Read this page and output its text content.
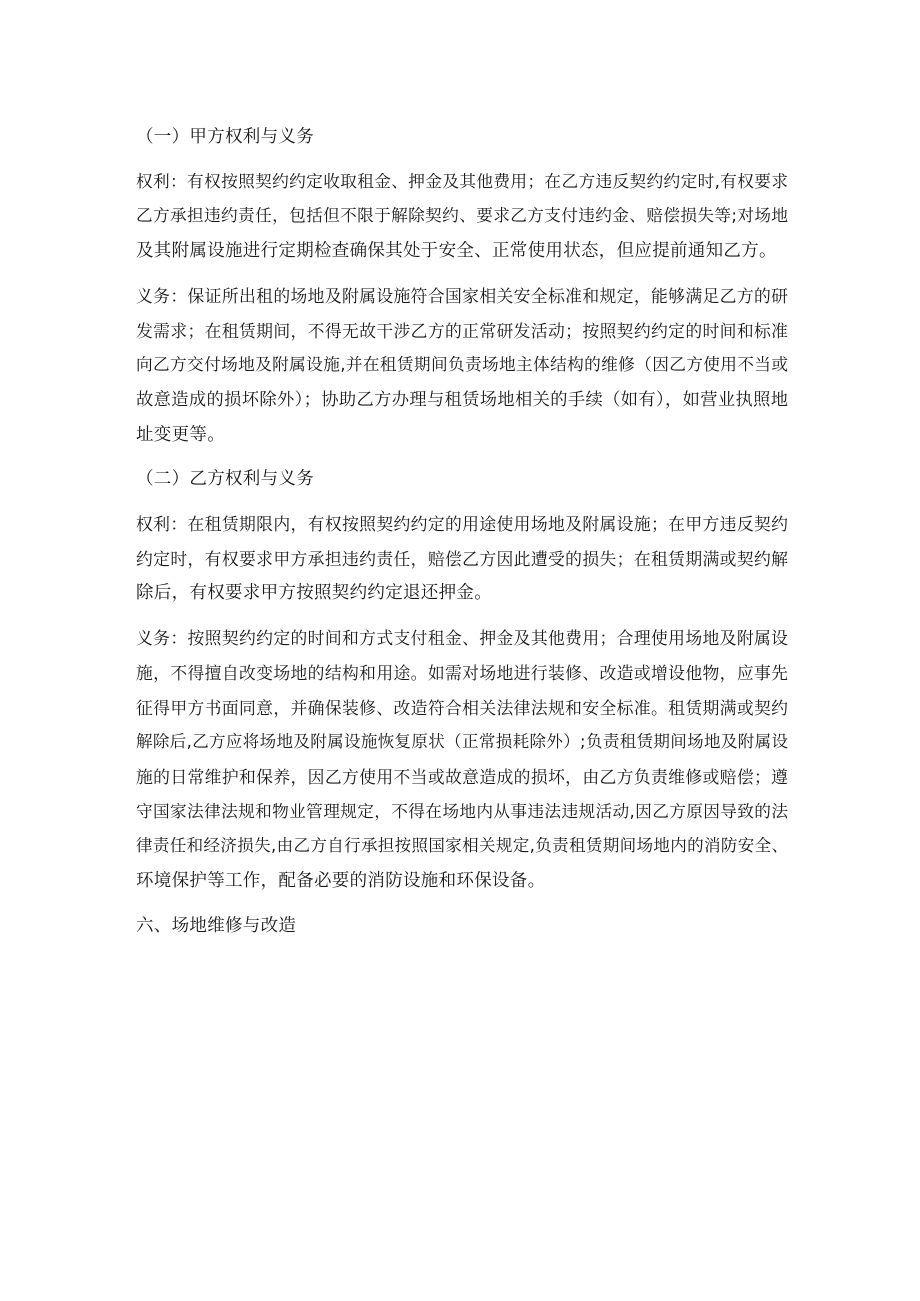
（一）甲方权利与义务
权利：有权按照契约约定收取租金、押金及其他费用；在乙方违反契约约定时,有权要求
乙方承担违约责任，包括但不限于解除契约、要求乙方支付违约金、赔偿损失等;对场地
及其附属设施进行定期检查确保其处于安全、正常使用状态，但应提前通知乙方。
义务：保证所出租的场地及附属设施符合国家相关安全标准和规定，能够满足乙方的研
发需求；在租赁期间，不得无故干涉乙方的正常研发活动；按照契约约定的时间和标准
向乙方交付场地及附属设施,并在租赁期间负责场地主体结构的维修（因乙方使用不当或
故意造成的损坏除外）；协助乙方办理与租赁场地相关的手续（如有），如营业执照地
址变更等。
（二）乙方权利与义务
权利：在租赁期限内，有权按照契约约定的用途使用场地及附属设施；在甲方违反契约
约定时，有权要求甲方承担违约责任，赔偿乙方因此遭受的损失；在租赁期满或契约解
除后，有权要求甲方按照契约约定退还押金。
义务：按照契约约定的时间和方式支付租金、押金及其他费用；合理使用场地及附属设
施，不得擅自改变场地的结构和用途。如需对场地进行装修、改造或增设他物，应事先
征得甲方书面同意，并确保装修、改造符合相关法律法规和安全标准。租赁期满或契约
解除后,乙方应将场地及附属设施恢复原状（正常损耗除外）;负责租赁期间场地及附属设
施的日常维护和保养，因乙方使用不当或故意造成的损坏，由乙方负责维修或赔偿；遵
守国家法律法规和物业管理规定，不得在场地内从事违法违规活动,因乙方原因导致的法
律责任和经济损失,由乙方自行承担按照国家相关规定,负责租赁期间场地内的消防安全、
环境保护等工作，配备必要的消防设施和环保设备。
六、场地维修与改造
